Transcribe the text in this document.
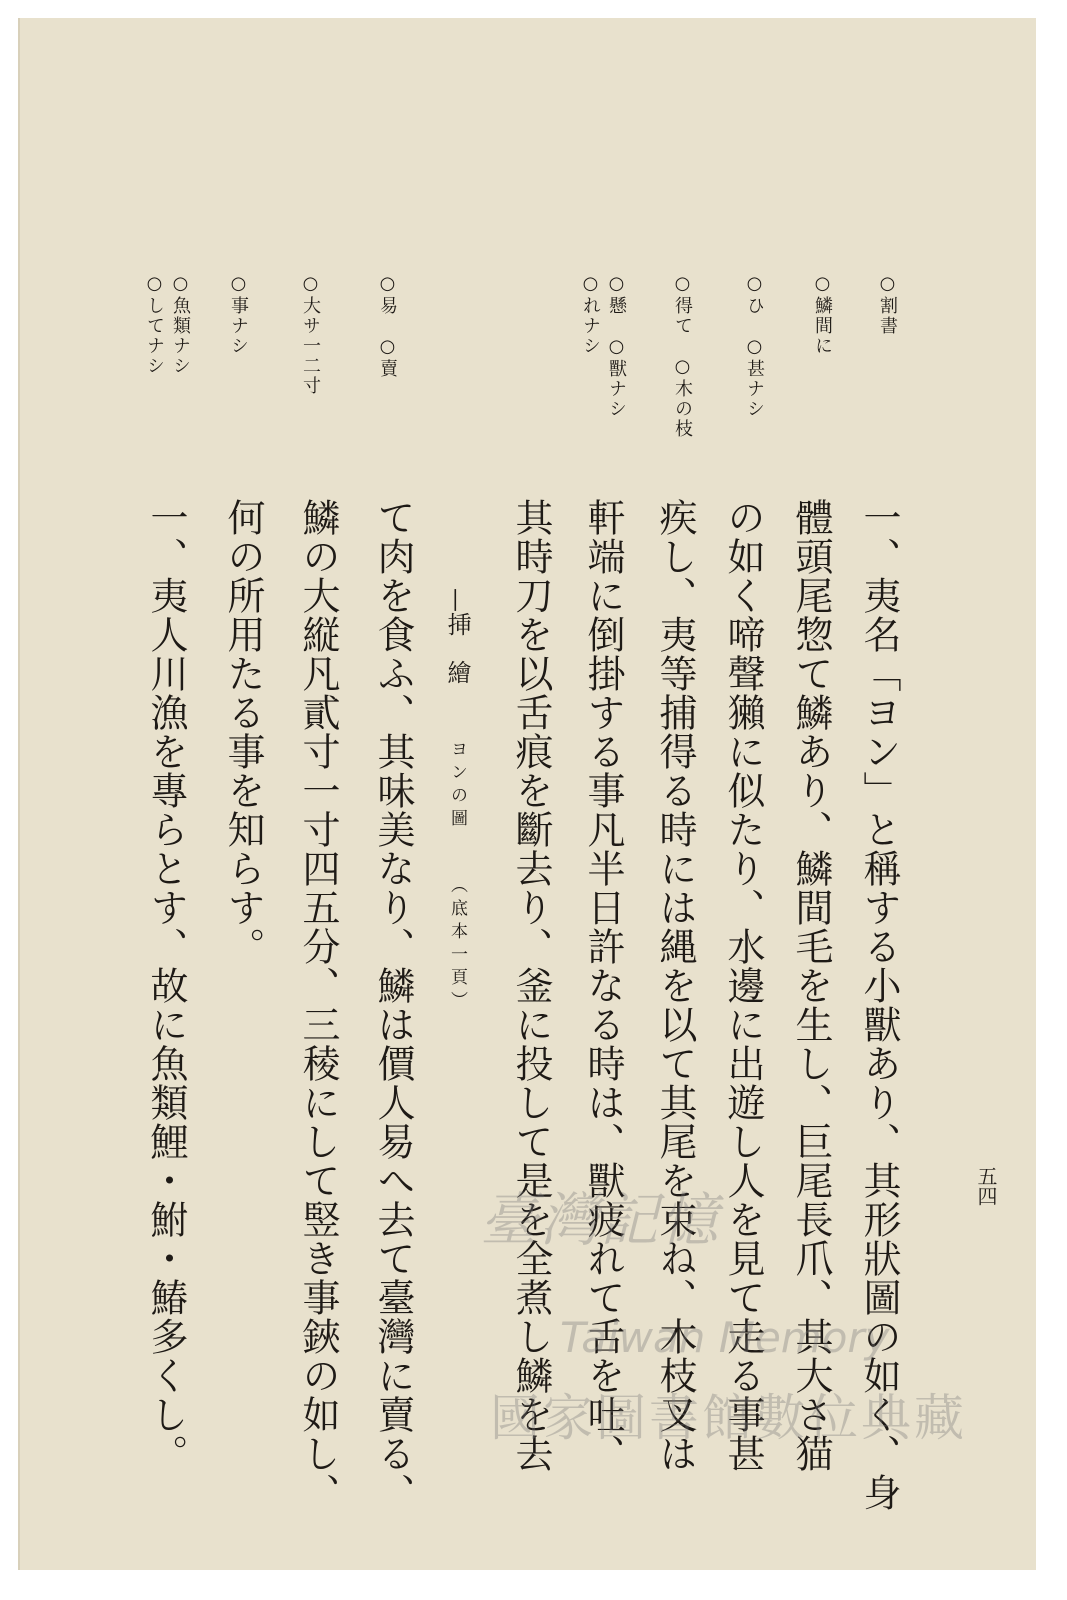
五四
○割書
○鱗間に
○ひ　○甚ナシ
○得て　○木の枝
○懸　○獸ナシ
○れナシ
○易　○賣
○大サ一二寸
○事ナシ
○魚類ナシ
○してナシ
一、夷名「ヨン」と稱する小獸あり、其形狀圖の如く、身
體頭尾惣て鱗あり、鱗間毛を生し、巨尾長爪、其大さ猫
の如く啼聲獺に似たり、水邊に出遊し人を見て走る事甚
疾し、夷等捕得る時には縄を以て其尾を束ね、木枝叉は
軒端に倒掛する事凡半日許なる時は、獸疲れて舌を吐、
其時刀を以舌痕を斷去り、釜に投して是を全煮し鱗を去
—挿　繪ヨンの圖（底本一頁）
て肉を食ふ、其味美なり、鱗は價人易へ去て臺灣に賣る、
鱗の大縦凡貳寸一寸四五分、三稜にして竪き事鋏の如し、
何の所用たる事を知らす。
一、夷人川漁を專らとす、故に魚類鯉・鮒・鰆多くし。	臺灣記憶
Taiwan Memory
國家圖書館數位典藏
